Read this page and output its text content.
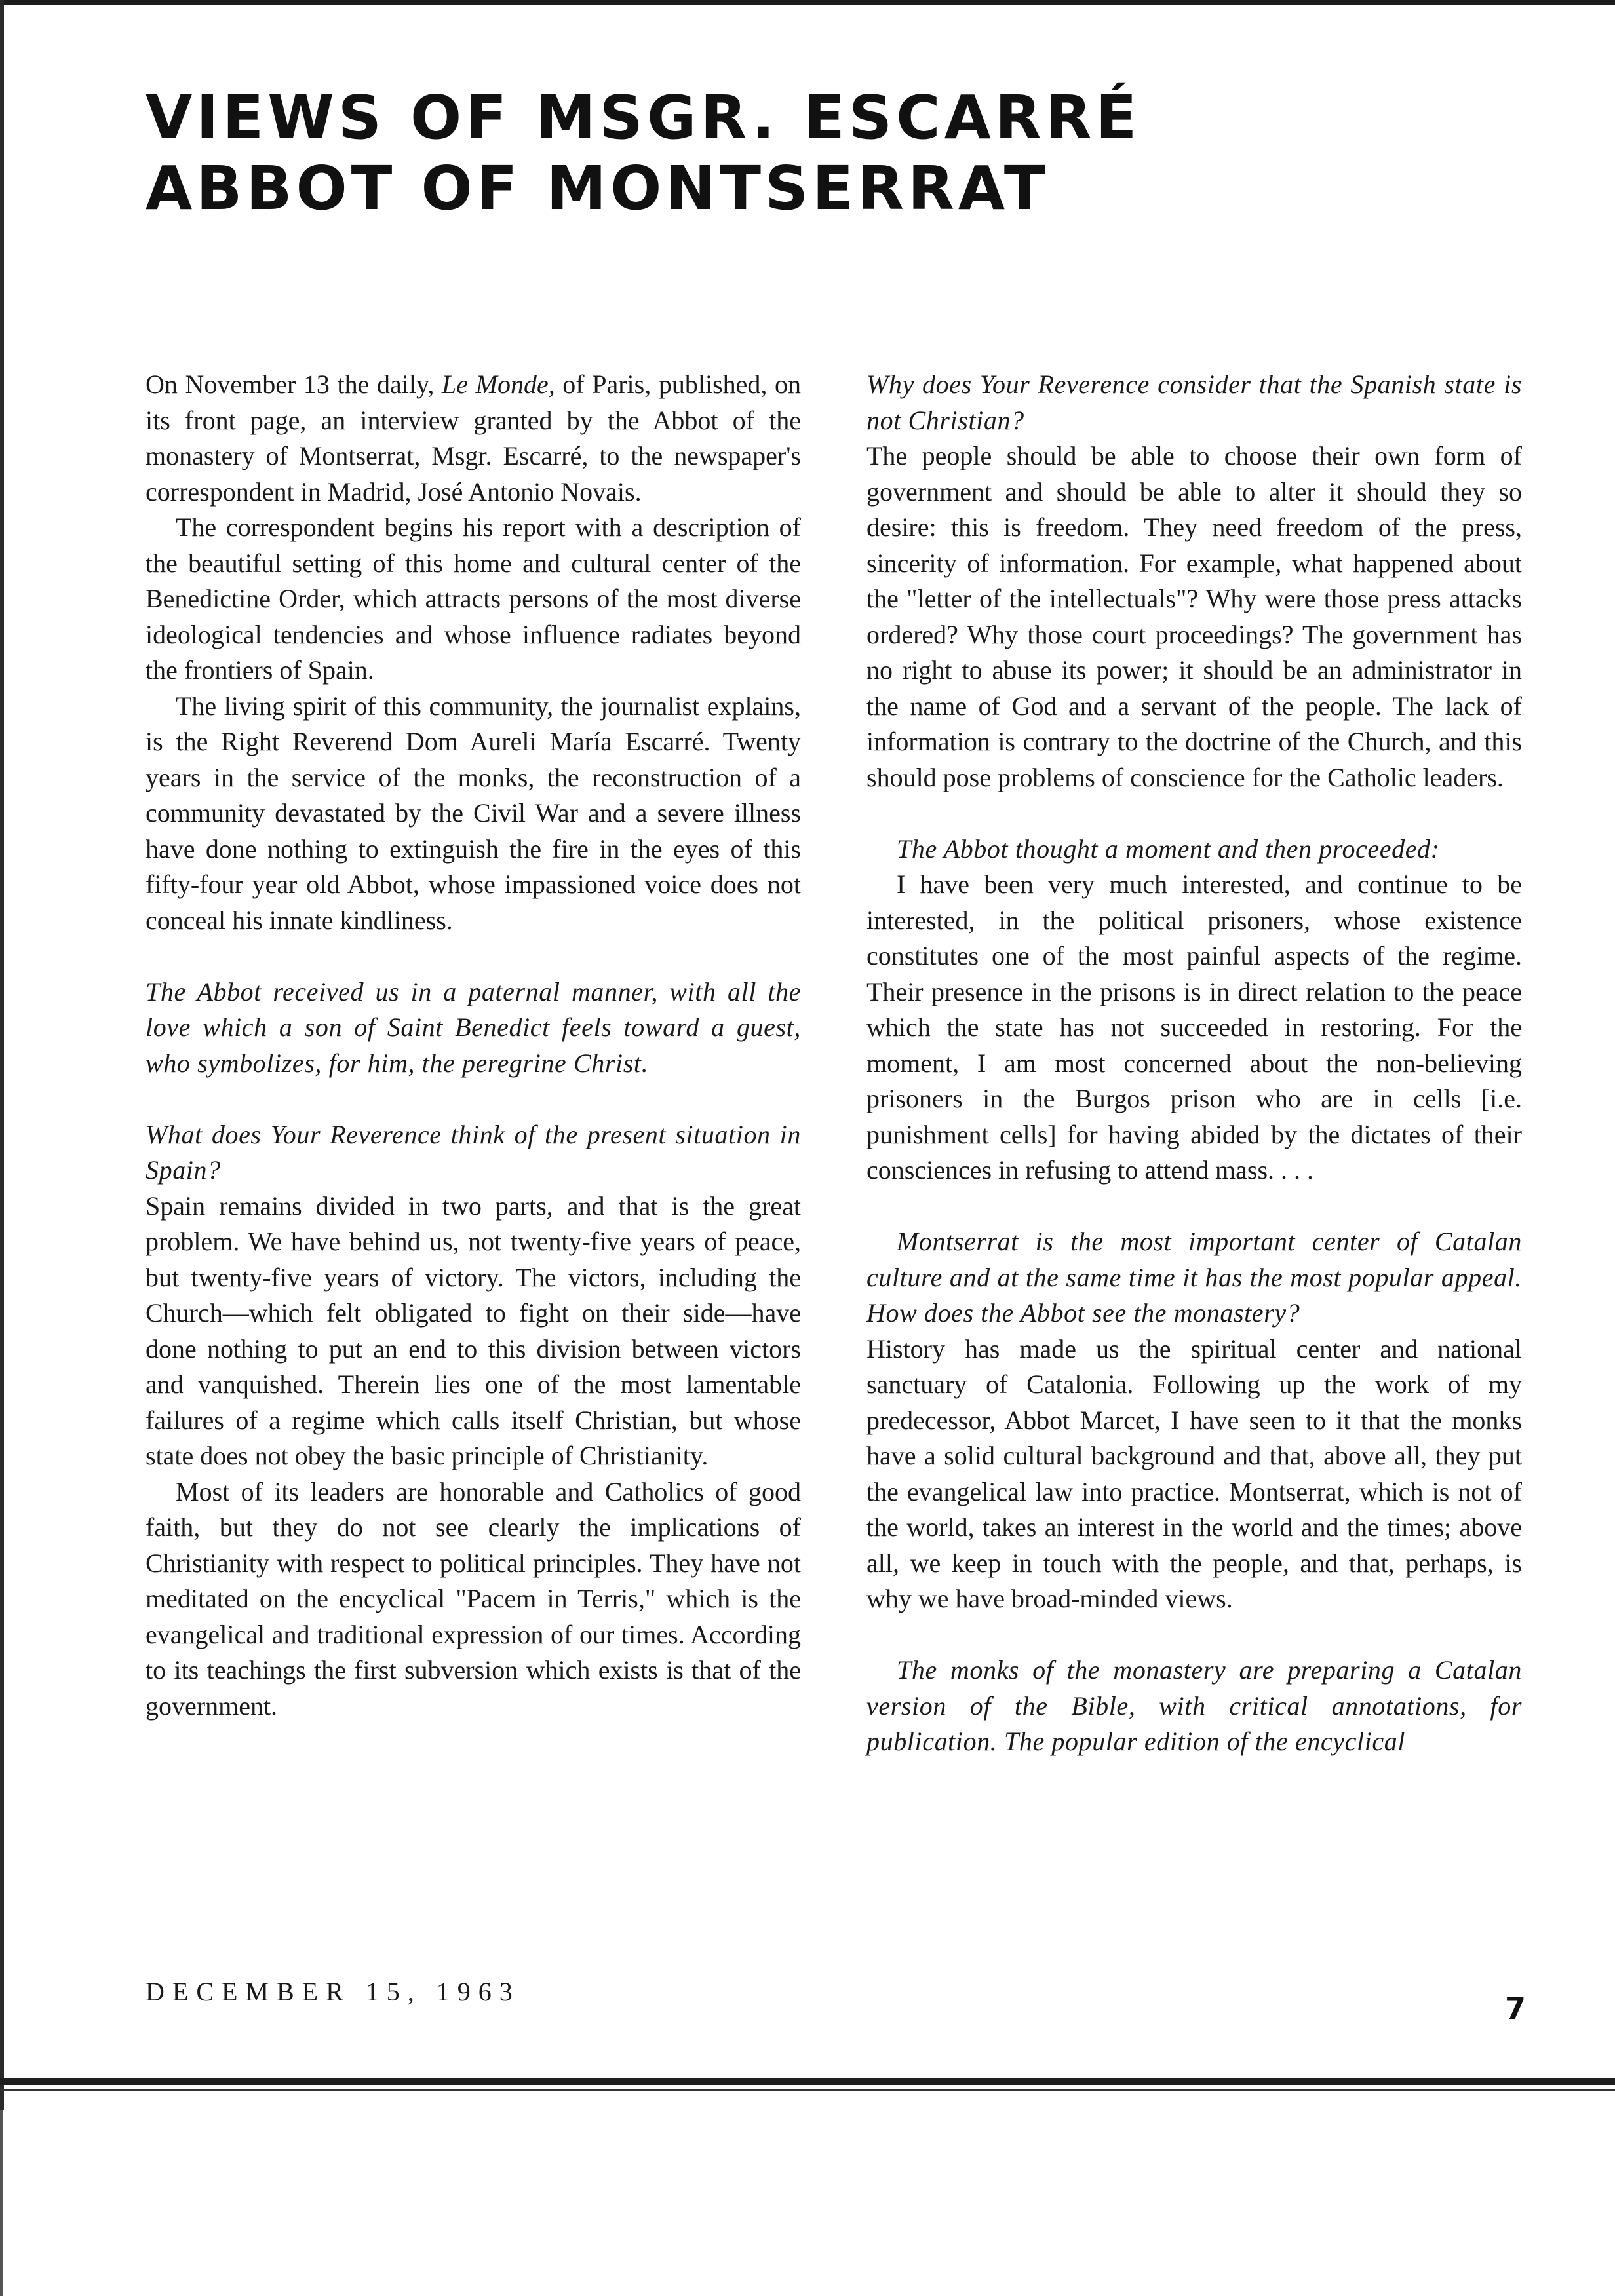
VIEWS OF MSGR. ESCARRÉ
ABBOT OF MONTSERRAT

On November 13 the daily, Le Monde, of Paris, published, on its front page, an interview granted by the Abbot of the monastery of Montserrat, Msgr. Escarré, to the newspaper's correspondent in Madrid, José Antonio Novais.

The correspondent begins his report with a description of the beautiful setting of this home and cultural center of the Benedictine Order, which attracts persons of the most diverse ideological tendencies and whose influence radiates beyond the frontiers of Spain.

The living spirit of this community, the journalist explains, is the Right Reverend Dom Aureli María Escarré. Twenty years in the service of the monks, the reconstruction of a community devastated by the Civil War and a severe illness have done nothing to extinguish the fire in the eyes of this fifty-four year old Abbot, whose impassioned voice does not conceal his innate kindliness.

The Abbot received us in a paternal manner, with all the love which a son of Saint Benedict feels toward a guest, who symbolizes, for him, the peregrine Christ.

What does Your Reverence think of the present situation in Spain?

Spain remains divided in two parts, and that is the great problem. We have behind us, not twenty-five years of peace, but twenty-five years of victory. The victors, including the Church—which felt obligated to fight on their side—have done nothing to put an end to this division between victors and vanquished. Therein lies one of the most lamentable failures of a regime which calls itself Christian, but whose state does not obey the basic principle of Christianity.

Most of its leaders are honorable and Catholics of good faith, but they do not see clearly the implications of Christianity with respect to political principles. They have not meditated on the encyclical "Pacem in Terris," which is the evangelical and traditional expression of our times. According to its teachings the first subversion which exists is that of the government.

Why does Your Reverence consider that the Spanish state is not Christian?

The people should be able to choose their own form of government and should be able to alter it should they so desire: this is freedom. They need freedom of the press, sincerity of information. For example, what happened about the "letter of the intellectuals"? Why were those press attacks ordered? Why those court proceedings? The government has no right to abuse its power; it should be an administrator in the name of God and a servant of the people. The lack of information is contrary to the doctrine of the Church, and this should pose problems of conscience for the Catholic leaders.

The Abbot thought a moment and then proceeded:

I have been very much interested, and continue to be interested, in the political prisoners, whose existence constitutes one of the most painful aspects of the regime. Their presence in the prisons is in direct relation to the peace which the state has not succeeded in restoring. For the moment, I am most concerned about the non-believing prisoners in the Burgos prison who are in cells [i.e. punishment cells] for having abided by the dictates of their consciences in refusing to attend mass. . . .

Montserrat is the most important center of Catalan culture and at the same time it has the most popular appeal. How does the Abbot see the monastery?

History has made us the spiritual center and national sanctuary of Catalonia. Following up the work of my predecessor, Abbot Marcet, I have seen to it that the monks have a solid cultural background and that, above all, they put the evangelical law into practice. Montserrat, which is not of the world, takes an interest in the world and the times; above all, we keep in touch with the people, and that, perhaps, is why we have broad-minded views.

The monks of the monastery are preparing a Catalan version of the Bible, with critical annotations, for publication. The popular edition of the encyclical

DECEMBER 15, 1963	7
